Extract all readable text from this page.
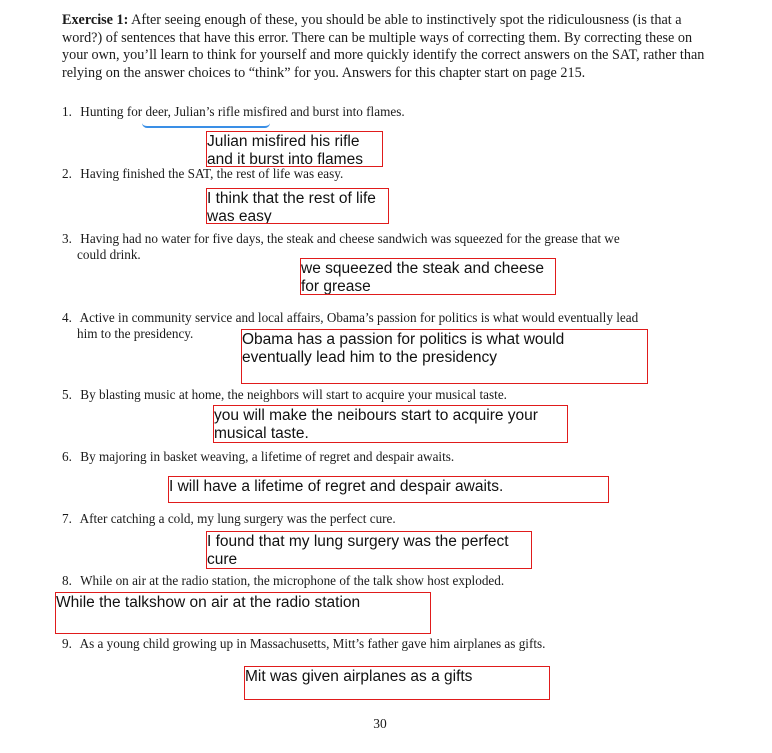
Exercise 1: After seeing enough of these, you should be able to instinctively spot the ridiculousness (is that a word?) of sentences that have this error. There can be multiple ways of correcting them. By correcting these on your own, you’ll learn to think for yourself and more quickly identify the correct answers on the SAT, rather than relying on the answer choices to “think” for you. Answers for this chapter start on page 215.

1. Hunting for deer, Julian’s rifle misfired and burst into flames.
Julian misfired his rifle
and it burst into flames
2. Having finished the SAT, the rest of life was easy.
I think that the rest of life
was easy
3. Having had no water for five days, the steak and cheese sandwich was squeezed for the grease that we
could drink.
we squeezed the steak and cheese
for grease
4. Active in community service and local affairs, Obama’s passion for politics is what would eventually lead
him to the presidency.	Obama has a passion for politics is what would
eventually lead him to the presidency
5. By blasting music at home, the neighbors will start to acquire your musical taste.
you will make the neibours start to acquire your
musical taste.
6. By majoring in basket weaving, a lifetime of regret and despair awaits.
I will have a lifetime of regret and despair awaits.
7. After catching a cold, my lung surgery was the perfect cure.
I found that my lung surgery was the perfect
cure
8. While on air at the radio station, the microphone of the talk show host exploded.
While the talkshow on air at the radio station
9. As a young child growing up in Massachusetts, Mitt’s father gave him airplanes as gifts.
Mit was given airplanes as a gifts
30
